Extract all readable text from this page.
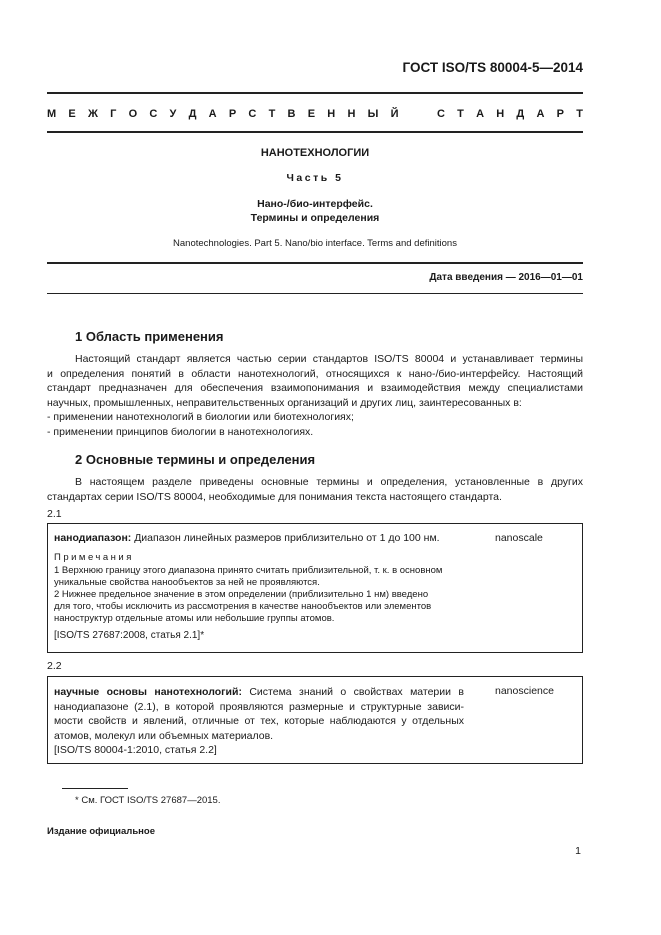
ГОСТ ISO/TS 80004-5—2014
М Е Ж Г О С У Д А Р С Т В Е Н Н Ы Й	С Т А Н Д А Р Т
НАНОТЕХНОЛОГИИ
Часть 5
Нано-/био-интерфейс.
Термины и определения
Nanotechnologies. Part 5. Nano/bio interface. Terms and definitions
Дата введения — 2016—01—01
1 Область применения
Настоящий стандарт является частью серии стандартов ISO/TS 80004 и устанавливает термины
и определения понятий в области нанотехнологий, относящихся к нано-/био-интерфейсу. Настоящий
стандарт предназначен для обеспечения взаимопонимания и взаимодействия между специалистами
научных, промышленных, неправительственных организаций и других лиц, заинтересованных в:
- применении нанотехнологий в биологии или биотехнологиях;
- применении принципов биологии в нанотехнологиях.
2 Основные термины и определения
В настоящем разделе приведены основные термины и определения, установленные в других
стандартах серии ISO/TS 80004, необходимые для понимания текста настоящего стандарта.
2.1
нанодиапазон: Диапазон линейных размеров приблизительно от 1 до 100 нм.	nanoscale
Примечания
1 Верхнюю границу этого диапазона принято считать приблизительной, т. к. в основном
уникальные свойства нанообъектов за ней не проявляются.
2 Нижнее предельное значение в этом определении (приблизительно 1 нм) введено
для того, чтобы исключить из рассмотрения в качестве нанообъектов или элементов
наноструктур отдельные атомы или небольшие группы атомов.
[ISO/TS 27687:2008, статья 2.1]*
2.2
научные основы нанотехнологий: Система знаний о свойствах материи в
нанодиапазоне (2.1), в которой проявляются размерные и структурные зависи-
мости свойств и явлений, отличные от тех, которые наблюдаются у отдельных
атомов, молекул или объемных материалов.
[ISO/TS 80004-1:2010, статья 2.2]
nanoscience
* См. ГОСТ ISO/TS 27687—2015.
Издание официальное
1
